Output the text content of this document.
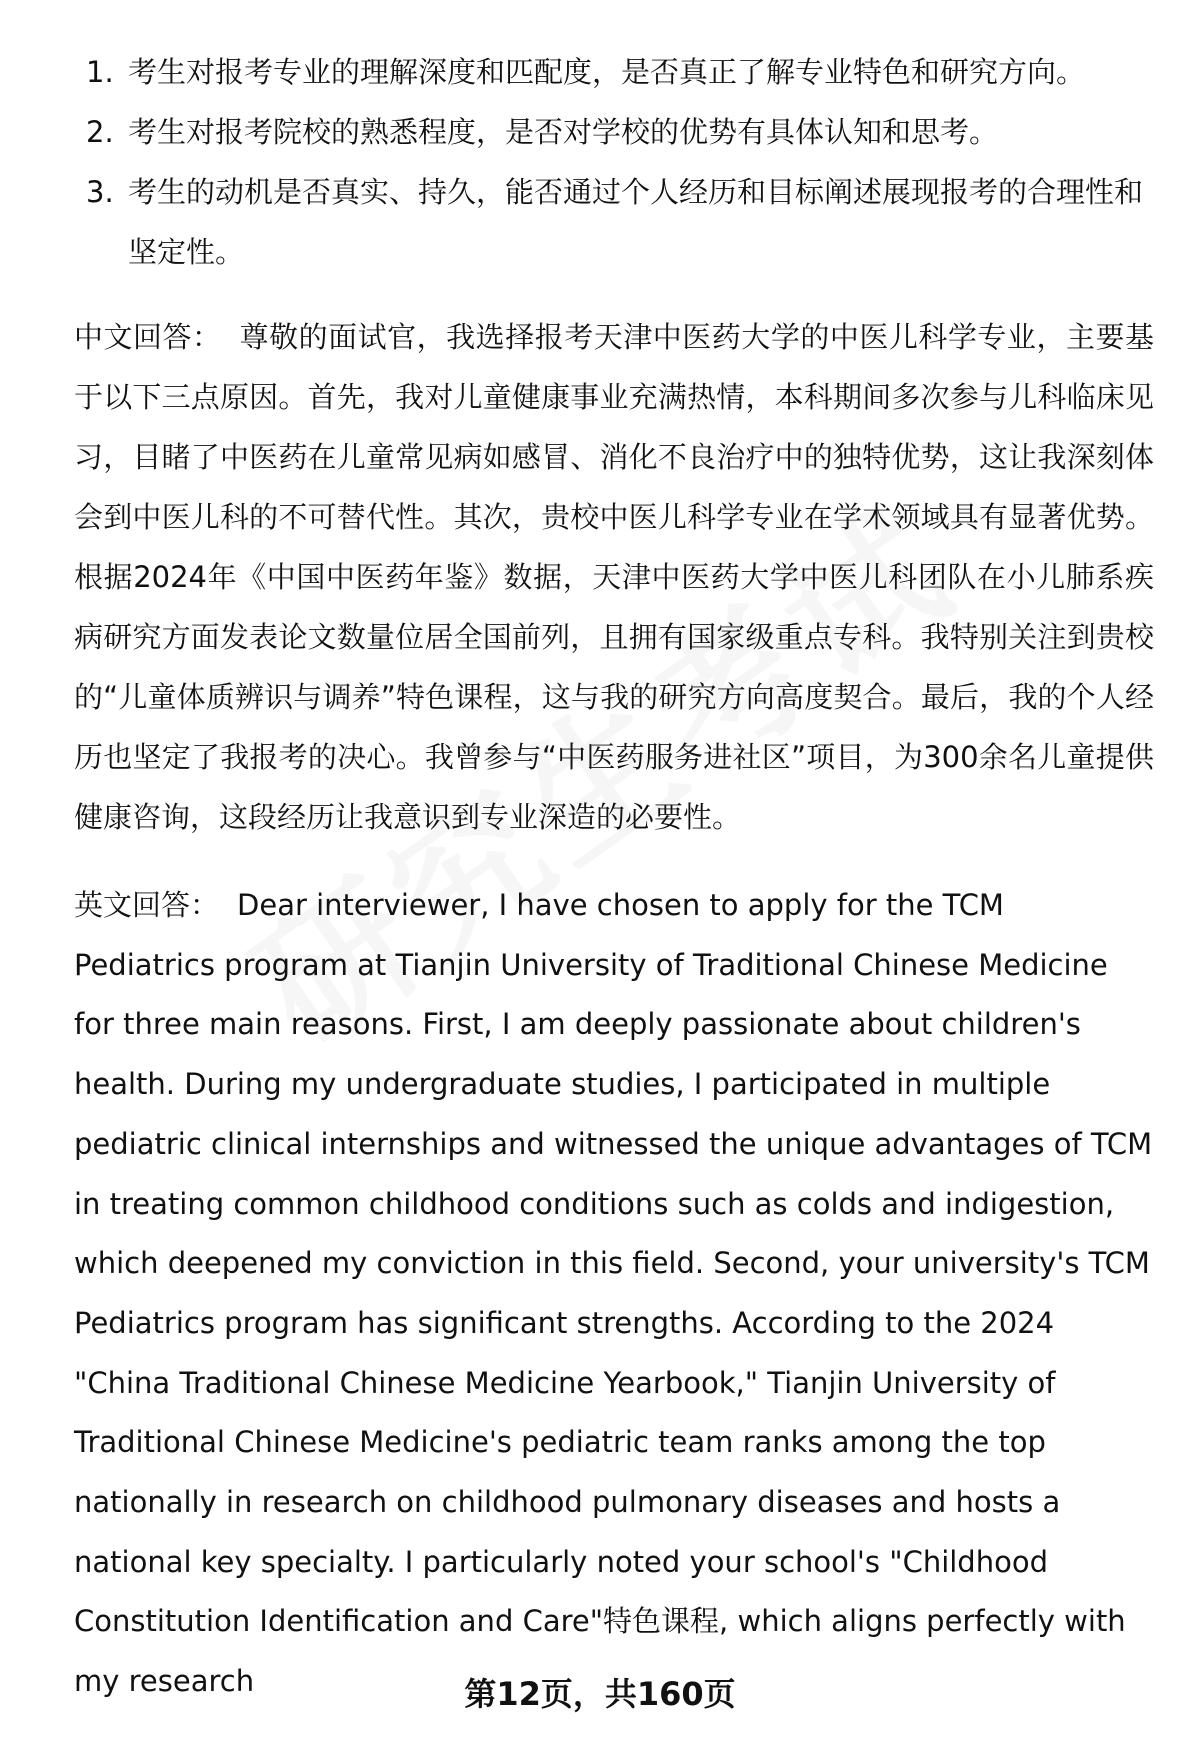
1. 考生对报考专业的理解深度和匹配度，是否真正了解专业特色和研究方向。
2. 考生对报考院校的熟悉程度，是否对学校的优势有具体认知和思考。
3. 考生的动机是否真实、持久，能否通过个人经历和目标阐述展现报考的合理性和坚定性。

中文回答： 尊敬的面试官，我选择报考天津中医药大学的中医儿科学专业，主要基于以下三点原因。首先，我对儿童健康事业充满热情，本科期间多次参与儿科临床见习，目睹了中医药在儿童常见病如感冒、消化不良治疗中的独特优势，这让我深刻体会到中医儿科的不可替代性。其次，贵校中医儿科学专业在学术领域具有显著优势。根据2024年《中国中医药年鉴》数据，天津中医药大学中医儿科团队在小儿肺系疾病研究方面发表论文数量位居全国前列，且拥有国家级重点专科。我特别关注到贵校的“儿童体质辨识与调养”特色课程，这与我的研究方向高度契合。最后，我的个人经历也坚定了我报考的决心。我曾参与“中医药服务进社区”项目，为300余名儿童提供健康咨询，这段经历让我意识到专业深造的必要性。

英文回答： Dear interviewer, I have chosen to apply for the TCM Pediatrics program at Tianjin University of Traditional Chinese Medicine for three main reasons. First, I am deeply passionate about children's health. During my undergraduate studies, I participated in multiple pediatric clinical internships and witnessed the unique advantages of TCM in treating common childhood conditions such as colds and indigestion, which deepened my conviction in this field. Second, your university's TCM Pediatrics program has significant strengths. According to the 2024 "China Traditional Chinese Medicine Yearbook," Tianjin University of Traditional Chinese Medicine's pediatric team ranks among the top nationally in research on childhood pulmonary diseases and hosts a national key specialty. I particularly noted your school's "Childhood Constitution Identification and Care"特色课程, which aligns perfectly with my research	第12页，共160页
